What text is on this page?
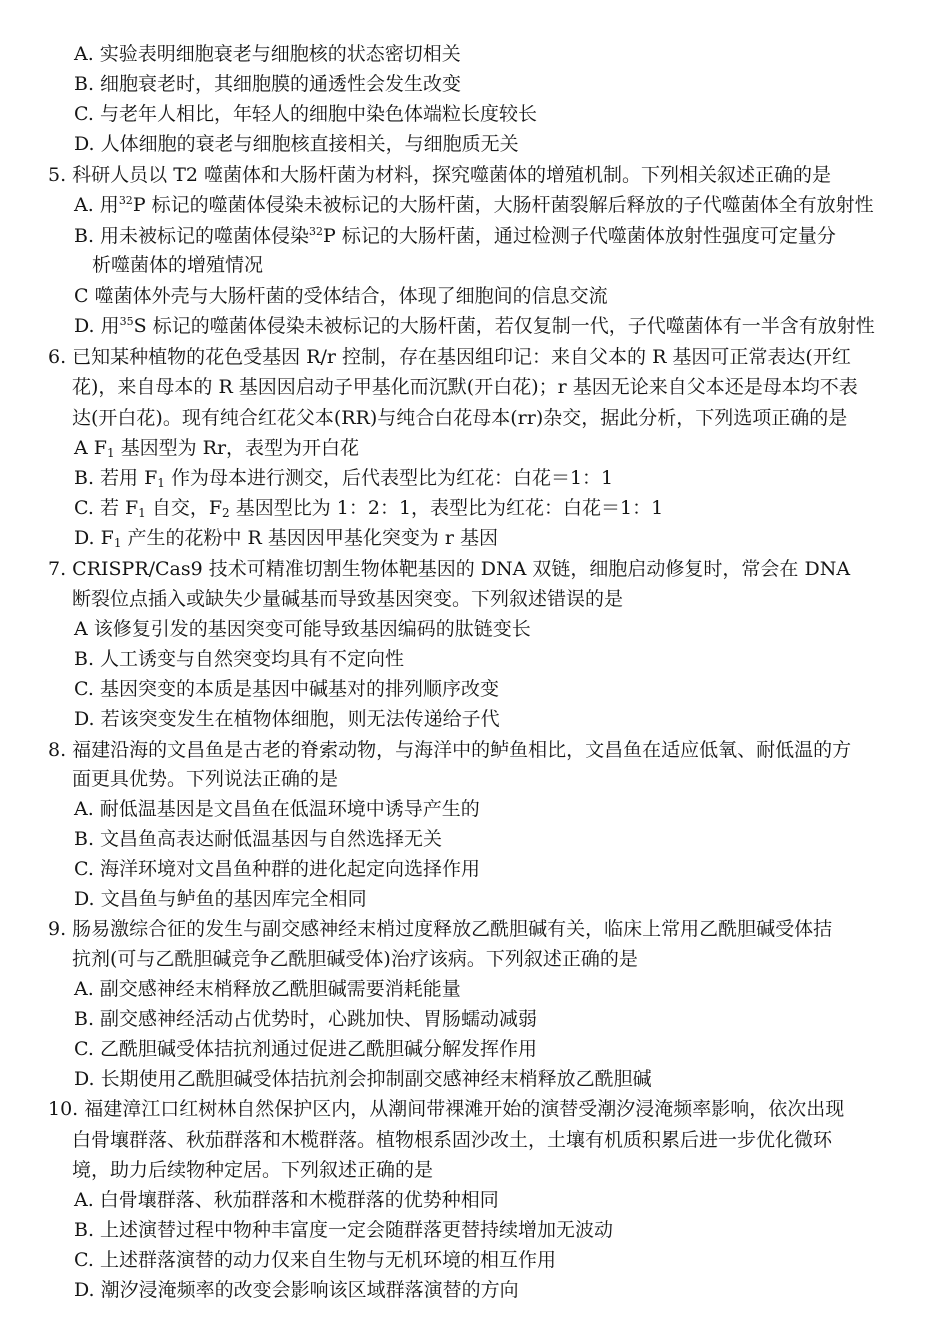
A. 实验表明细胞衰老与细胞核的状态密切相关

B. 细胞衰老时，其细胞膜的通透性会发生改变

C. 与老年人相比，年轻人的细胞中染色体端粒长度较长

D. 人体细胞的衰老与细胞核直接相关，与细胞质无关

5. 科研人员以 T2 噬菌体和大肠杆菌为材料，探究噬菌体的增殖机制。下列相关叙述正确的是

A. 用$^{32}$P 标记的噬菌体侵染未被标记的大肠杆菌，大肠杆菌裂解后释放的子代噬菌体全有放射性

B. 用未被标记的噬菌体侵染$^{32}$P 标记的大肠杆菌，通过检测子代噬菌体放射性强度可定量分

析噬菌体的增殖情况

C 噬菌体外壳与大肠杆菌的受体结合，体现了细胞间的信息交流

D. 用$^{35}$S 标记的噬菌体侵染未被标记的大肠杆菌，若仅复制一代，子代噬菌体有一半含有放射性

6. 已知某种植物的花色受基因 R/r 控制，存在基因组印记：来自父本的 R 基因可正常表达(开红

花)，来自母本的 R 基因因启动子甲基化而沉默(开白花)；r 基因无论来自父本还是母本均不表

达(开白花)。现有纯合红花父本(RR)与纯合白花母本(rr)杂交，据此分析，下列选项正确的是

A $F_1$ 基因型为 Rr，表型为开白花

B. 若用 $F_1$ 作为母本进行测交，后代表型比为红花：白花＝1：1

C. 若 $F_1$ 自交，$F_2$ 基因型比为 1：2：1，表型比为红花：白花＝1：1

D. $F_1$ 产生的花粉中 R 基因因甲基化突变为 r 基因

7. CRISPR/Cas9 技术可精准切割生物体靶基因的 DNA 双链，细胞启动修复时，常会在 DNA

断裂位点插入或缺失少量碱基而导致基因突变。下列叙述错误的是

A 该修复引发的基因突变可能导致基因编码的肽链变长

B. 人工诱变与自然突变均具有不定向性

C. 基因突变的本质是基因中碱基对的排列顺序改变

D. 若该突变发生在植物体细胞，则无法传递给子代

8. 福建沿海的文昌鱼是古老的脊索动物，与海洋中的鲈鱼相比，文昌鱼在适应低氧、耐低温的方

面更具优势。下列说法正确的是

A. 耐低温基因是文昌鱼在低温环境中诱导产生的

B. 文昌鱼高表达耐低温基因与自然选择无关

C. 海洋环境对文昌鱼种群的进化起定向选择作用

D. 文昌鱼与鲈鱼的基因库完全相同

9. 肠易激综合征的发生与副交感神经末梢过度释放乙酰胆碱有关，临床上常用乙酰胆碱受体拮

抗剂(可与乙酰胆碱竞争乙酰胆碱受体)治疗该病。下列叙述正确的是

A. 副交感神经末梢释放乙酰胆碱需要消耗能量

B. 副交感神经活动占优势时，心跳加快、胃肠蠕动减弱

C. 乙酰胆碱受体拮抗剂通过促进乙酰胆碱分解发挥作用

D. 长期使用乙酰胆碱受体拮抗剂会抑制副交感神经末梢释放乙酰胆碱

10. 福建漳江口红树林自然保护区内，从潮间带裸滩开始的演替受潮汐浸淹频率影响，依次出现

白骨壤群落、秋茄群落和木榄群落。植物根系固沙改土，土壤有机质积累后进一步优化微环

境，助力后续物种定居。下列叙述正确的是

A. 白骨壤群落、秋茄群落和木榄群落的优势种相同

B. 上述演替过程中物种丰富度一定会随群落更替持续增加无波动

C. 上述群落演替的动力仅来自生物与无机环境的相互作用

D. 潮汐浸淹频率的改变会影响该区域群落演替的方向
